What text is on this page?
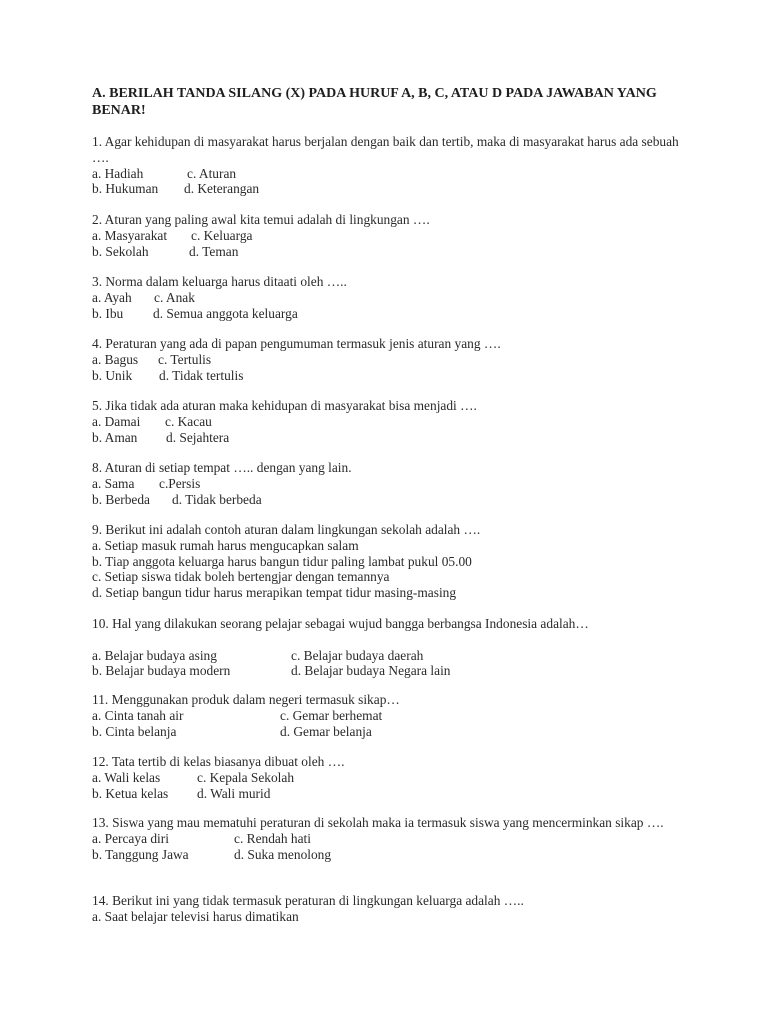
A. BERILAH TANDA SILANG (X) PADA HURUF A, B, C, ATAU D PADA JAWABAN YANG BENAR!
1. Agar kehidupan di masyarakat harus berjalan dengan baik dan tertib, maka di masyarakat harus ada sebuah ….
a. Hadiah	c. Aturan
b. Hukuman d. Keterangan
2. Aturan yang paling awal kita temui adalah di lingkungan ….
a. Masyarakat c. Keluarga
b. Sekolah	d. Teman
3. Norma dalam keluarga harus ditaati oleh …..
a. Ayah c. Anak
b. Ibu d. Semua anggota keluarga
4. Peraturan yang ada di papan pengumuman termasuk jenis aturan yang ….
a. Bagus c. Tertulis
b. Unik d. Tidak tertulis
5. Jika tidak ada aturan maka kehidupan di masyarakat bisa menjadi ….
a. Damai c. Kacau
b. Aman d. Sejahtera
8. Aturan di setiap tempat ….. dengan yang lain.
a. Sama c.Persis
b. Berbeda d. Tidak berbeda
9. Berikut ini adalah contoh aturan dalam lingkungan sekolah adalah ….
a. Setiap masuk rumah harus mengucapkan salam
b. Tiap anggota keluarga harus bangun tidur paling lambat pukul 05.00
c. Setiap siswa tidak boleh bertengjar dengan temannya
d. Setiap bangun tidur harus merapikan tempat tidur masing-masing
10. Hal yang dilakukan seorang pelajar sebagai wujud bangga berbangsa Indonesia adalah…
a. Belajar budaya asing	c. Belajar budaya daerah
b. Belajar budaya modern	d. Belajar budaya Negara lain
11. Menggunakan produk dalam negeri termasuk sikap…
a. Cinta tanah air	c. Gemar berhemat
b. Cinta belanja	d. Gemar belanja
12. Tata tertib di kelas biasanya dibuat oleh ….
a. Wali kelas	c. Kepala Sekolah
b. Ketua kelas d. Wali murid
13. Siswa yang mau mematuhi peraturan di sekolah maka ia termasuk siswa yang mencerminkan sikap ….
a. Percaya diri	c. Rendah hati
b. Tanggung Jawa	d. Suka menolong
14. Berikut ini yang tidak termasuk peraturan di lingkungan keluarga adalah …..
a. Saat belajar televisi harus dimatikan
